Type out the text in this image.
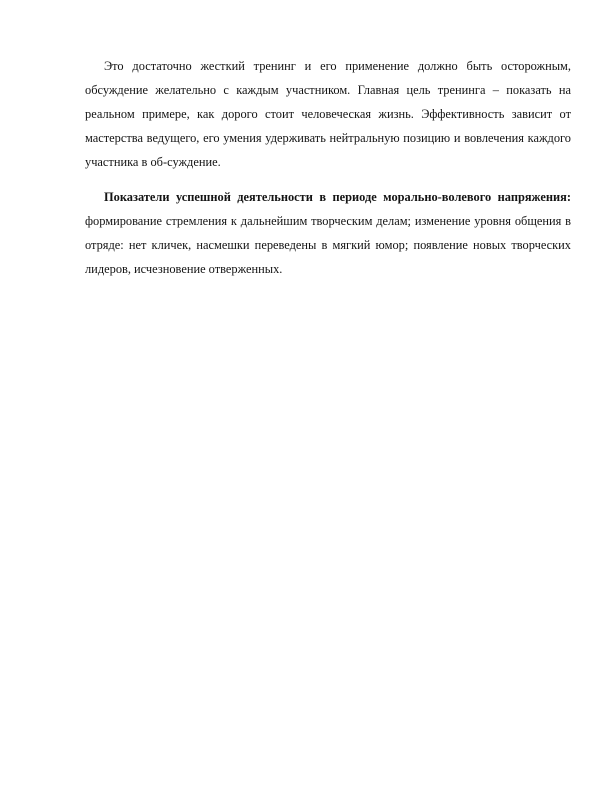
Это достаточно жесткий тренинг и его применение должно быть осторожным, обсуждение желательно с каждым участником. Главная цель тренинга – показать на реальном примере, как дорого стоит человеческая жизнь. Эффективность зависит от мастерства ведущего, его умения удерживать нейтральную позицию и вовлечения каждого участника в об-суждение.

Показатели успешной деятельности в периоде морально-волевого напряжения: формирование стремления к дальнейшим творческим делам; изменение уровня общения в отряде: нет кличек, насмешки переведены в мягкий юмор; появление новых творческих лидеров, исчезновение отверженных.
